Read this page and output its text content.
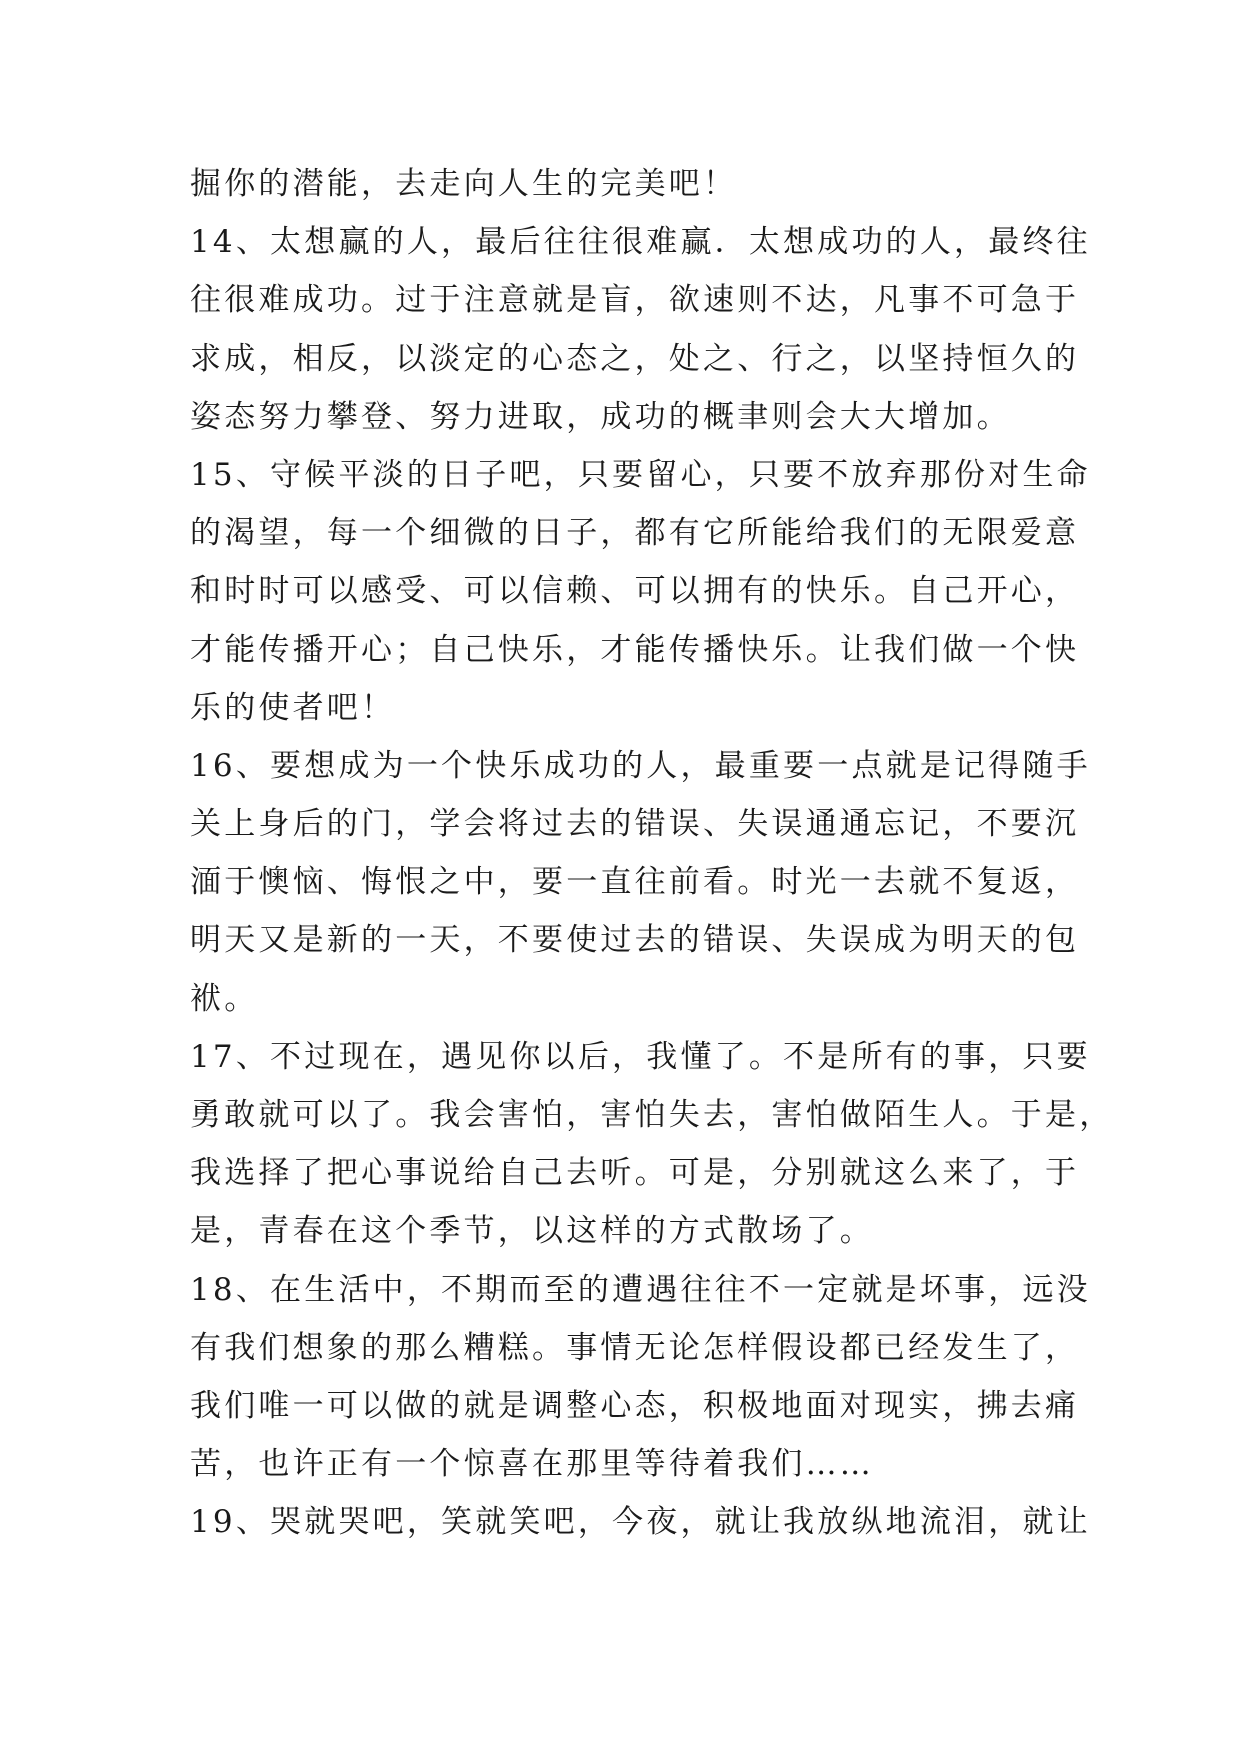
掘你的潜能，去走向人生的完美吧！
14、太想赢的人，最后往往很难赢．太想成功的人，最终往
往很难成功。过于注意就是盲，欲速则不达，凡事不可急于
求成，相反，以淡定的心态之，处之、行之，以坚持恒久的
姿态努力攀登、努力进取，成功的概聿则会大大增加。
15、守候平淡的日子吧，只要留心，只要不放弃那份对生命
的渴望，每一个细微的日子，都有它所能给我们的无限爱意
和时时可以感受、可以信赖、可以拥有的快乐。自己开心，
才能传播开心；自己快乐，才能传播快乐。让我们做一个快
乐的使者吧！
16、要想成为一个快乐成功的人，最重要一点就是记得随手
关上身后的门，学会将过去的错误、失误通通忘记，不要沉
湎于懊恼、悔恨之中，要一直往前看。时光一去就不复返，
明天又是新的一天，不要使过去的错误、失误成为明天的包
袱。
17、不过现在，遇见你以后，我懂了。不是所有的事，只要
勇敢就可以了。我会害怕，害怕失去，害怕做陌生人。于是，
我选择了把心事说给自己去听。可是，分别就这么来了，于
是，青春在这个季节，以这样的方式散场了。
18、在生活中，不期而至的遭遇往往不一定就是坏事，远没
有我们想象的那么糟糕。事情无论怎样假设都已经发生了，
我们唯一可以做的就是调整心态，积极地面对现实，拂去痛
苦，也许正有一个惊喜在那里等待着我们……
19、哭就哭吧，笑就笑吧，今夜，就让我放纵地流泪，就让
